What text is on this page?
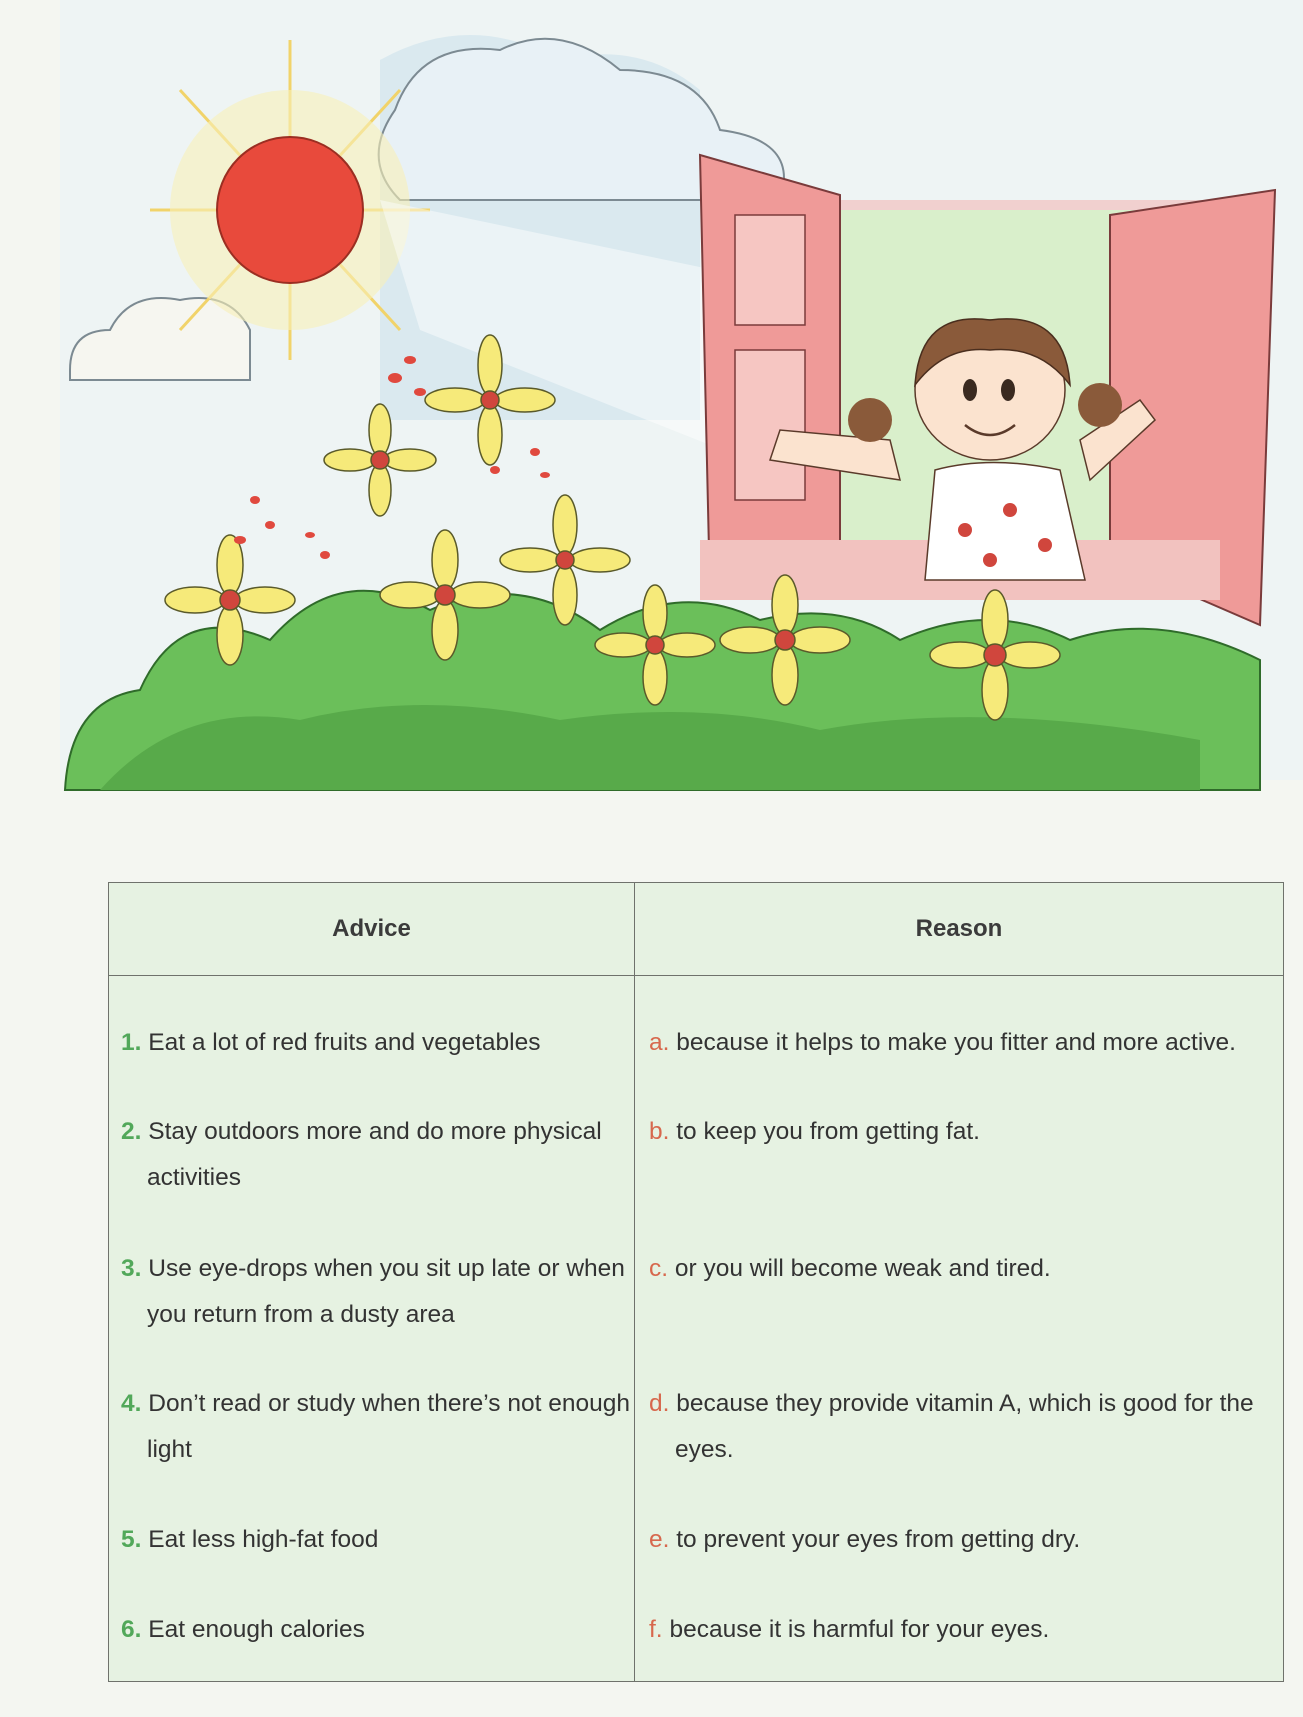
Advice	Reason
1. Eat a lot of red fruits and vegetables
2. Stay outdoors more and do more physical activities
3. Use eye-drops when you sit up late or when you return from a dusty area
4. Don’t read or study when there’s not enough light
5. Eat less high-fat food
6. Eat enough calories
a. because it helps to make you fitter and more active.
b. to keep you from getting fat.
c. or you will become weak and tired.
d. because they provide vitamin A, which is good for the eyes.
e. to prevent your eyes from getting dry.
f. because it is harmful for your eyes.
